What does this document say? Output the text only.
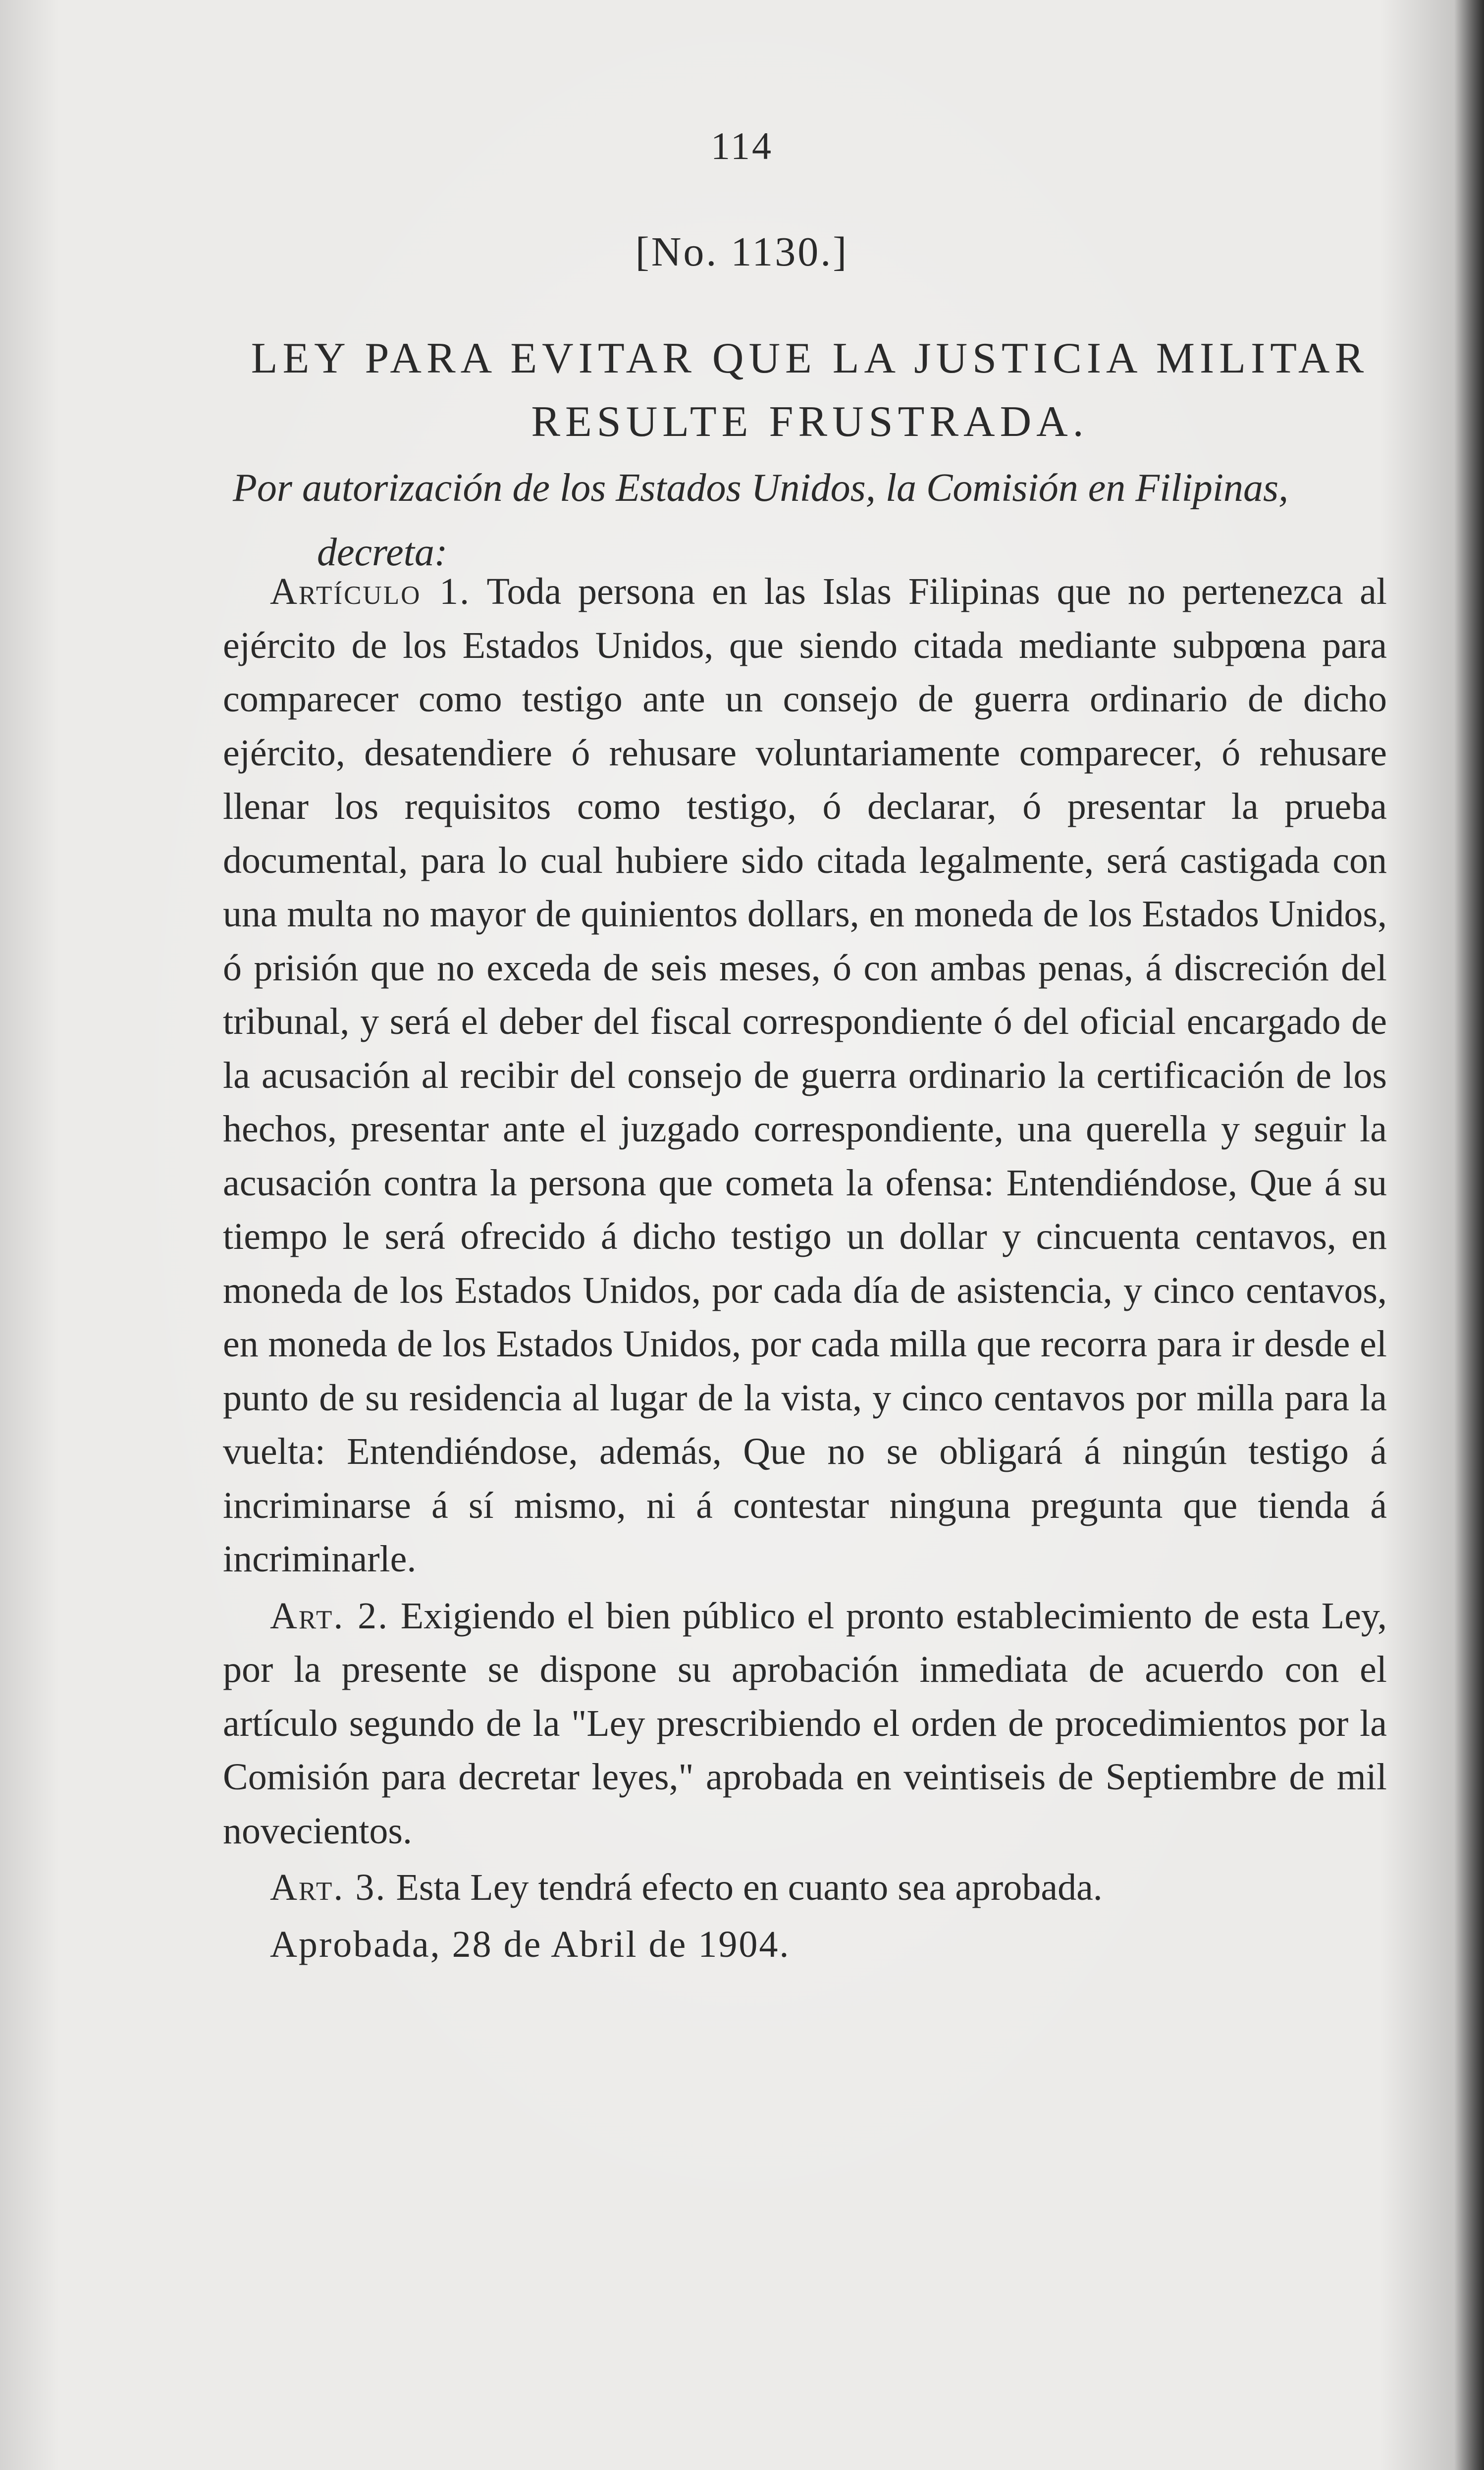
114
[No. 1130.]
LEY PARA EVITAR QUE LA JUSTICIA MILITAR RESULTE FRUSTRADA.
Por autorización de los Estados Unidos, la Comisión en Filipinas,
decreta:

Artículo 1. Toda persona en las Islas Filipinas que no pertenezca al ejército de los Estados Unidos, que siendo citada mediante subpœna para comparecer como testigo ante un consejo de guerra ordinario de dicho ejército, desatendiere ó rehusare voluntariamente comparecer, ó rehusare llenar los requisitos como testigo, ó declarar, ó presentar la prueba documental, para lo cual hubiere sido citada legalmente, será castigada con una multa no mayor de quinientos dollars, en moneda de los Estados Unidos, ó prisión que no exceda de seis meses, ó con ambas penas, á discreción del tribunal, y será el deber del fiscal correspondiente ó del oficial encargado de la acusación al recibir del consejo de guerra ordinario la certificación de los hechos, presentar ante el juzgado correspondiente, una querella y seguir la acusación contra la persona que cometa la ofensa: Entendiéndose, Que á su tiempo le será ofrecido á dicho testigo un dollar y cincuenta centavos, en moneda de los Estados Unidos, por cada día de asistencia, y cinco centavos, en moneda de los Estados Unidos, por cada milla que recorra para ir desde el punto de su residencia al lugar de la vista, y cinco centavos por milla para la vuelta: Entendiéndose, además, Que no se obligará á ningún testigo á incriminarse á sí mismo, ni á contestar ninguna pregunta que tienda á incriminarle.

Art. 2. Exigiendo el bien público el pronto establecimiento de esta Ley, por la presente se dispone su aprobación inmediata de acuerdo con el artículo segundo de la "Ley prescribiendo el orden de procedimientos por la Comisión para decretar leyes," aprobada en veintiseis de Septiembre de mil novecientos.

Art. 3. Esta Ley tendrá efecto en cuanto sea aprobada.

Aprobada, 28 de Abril de 1904.
